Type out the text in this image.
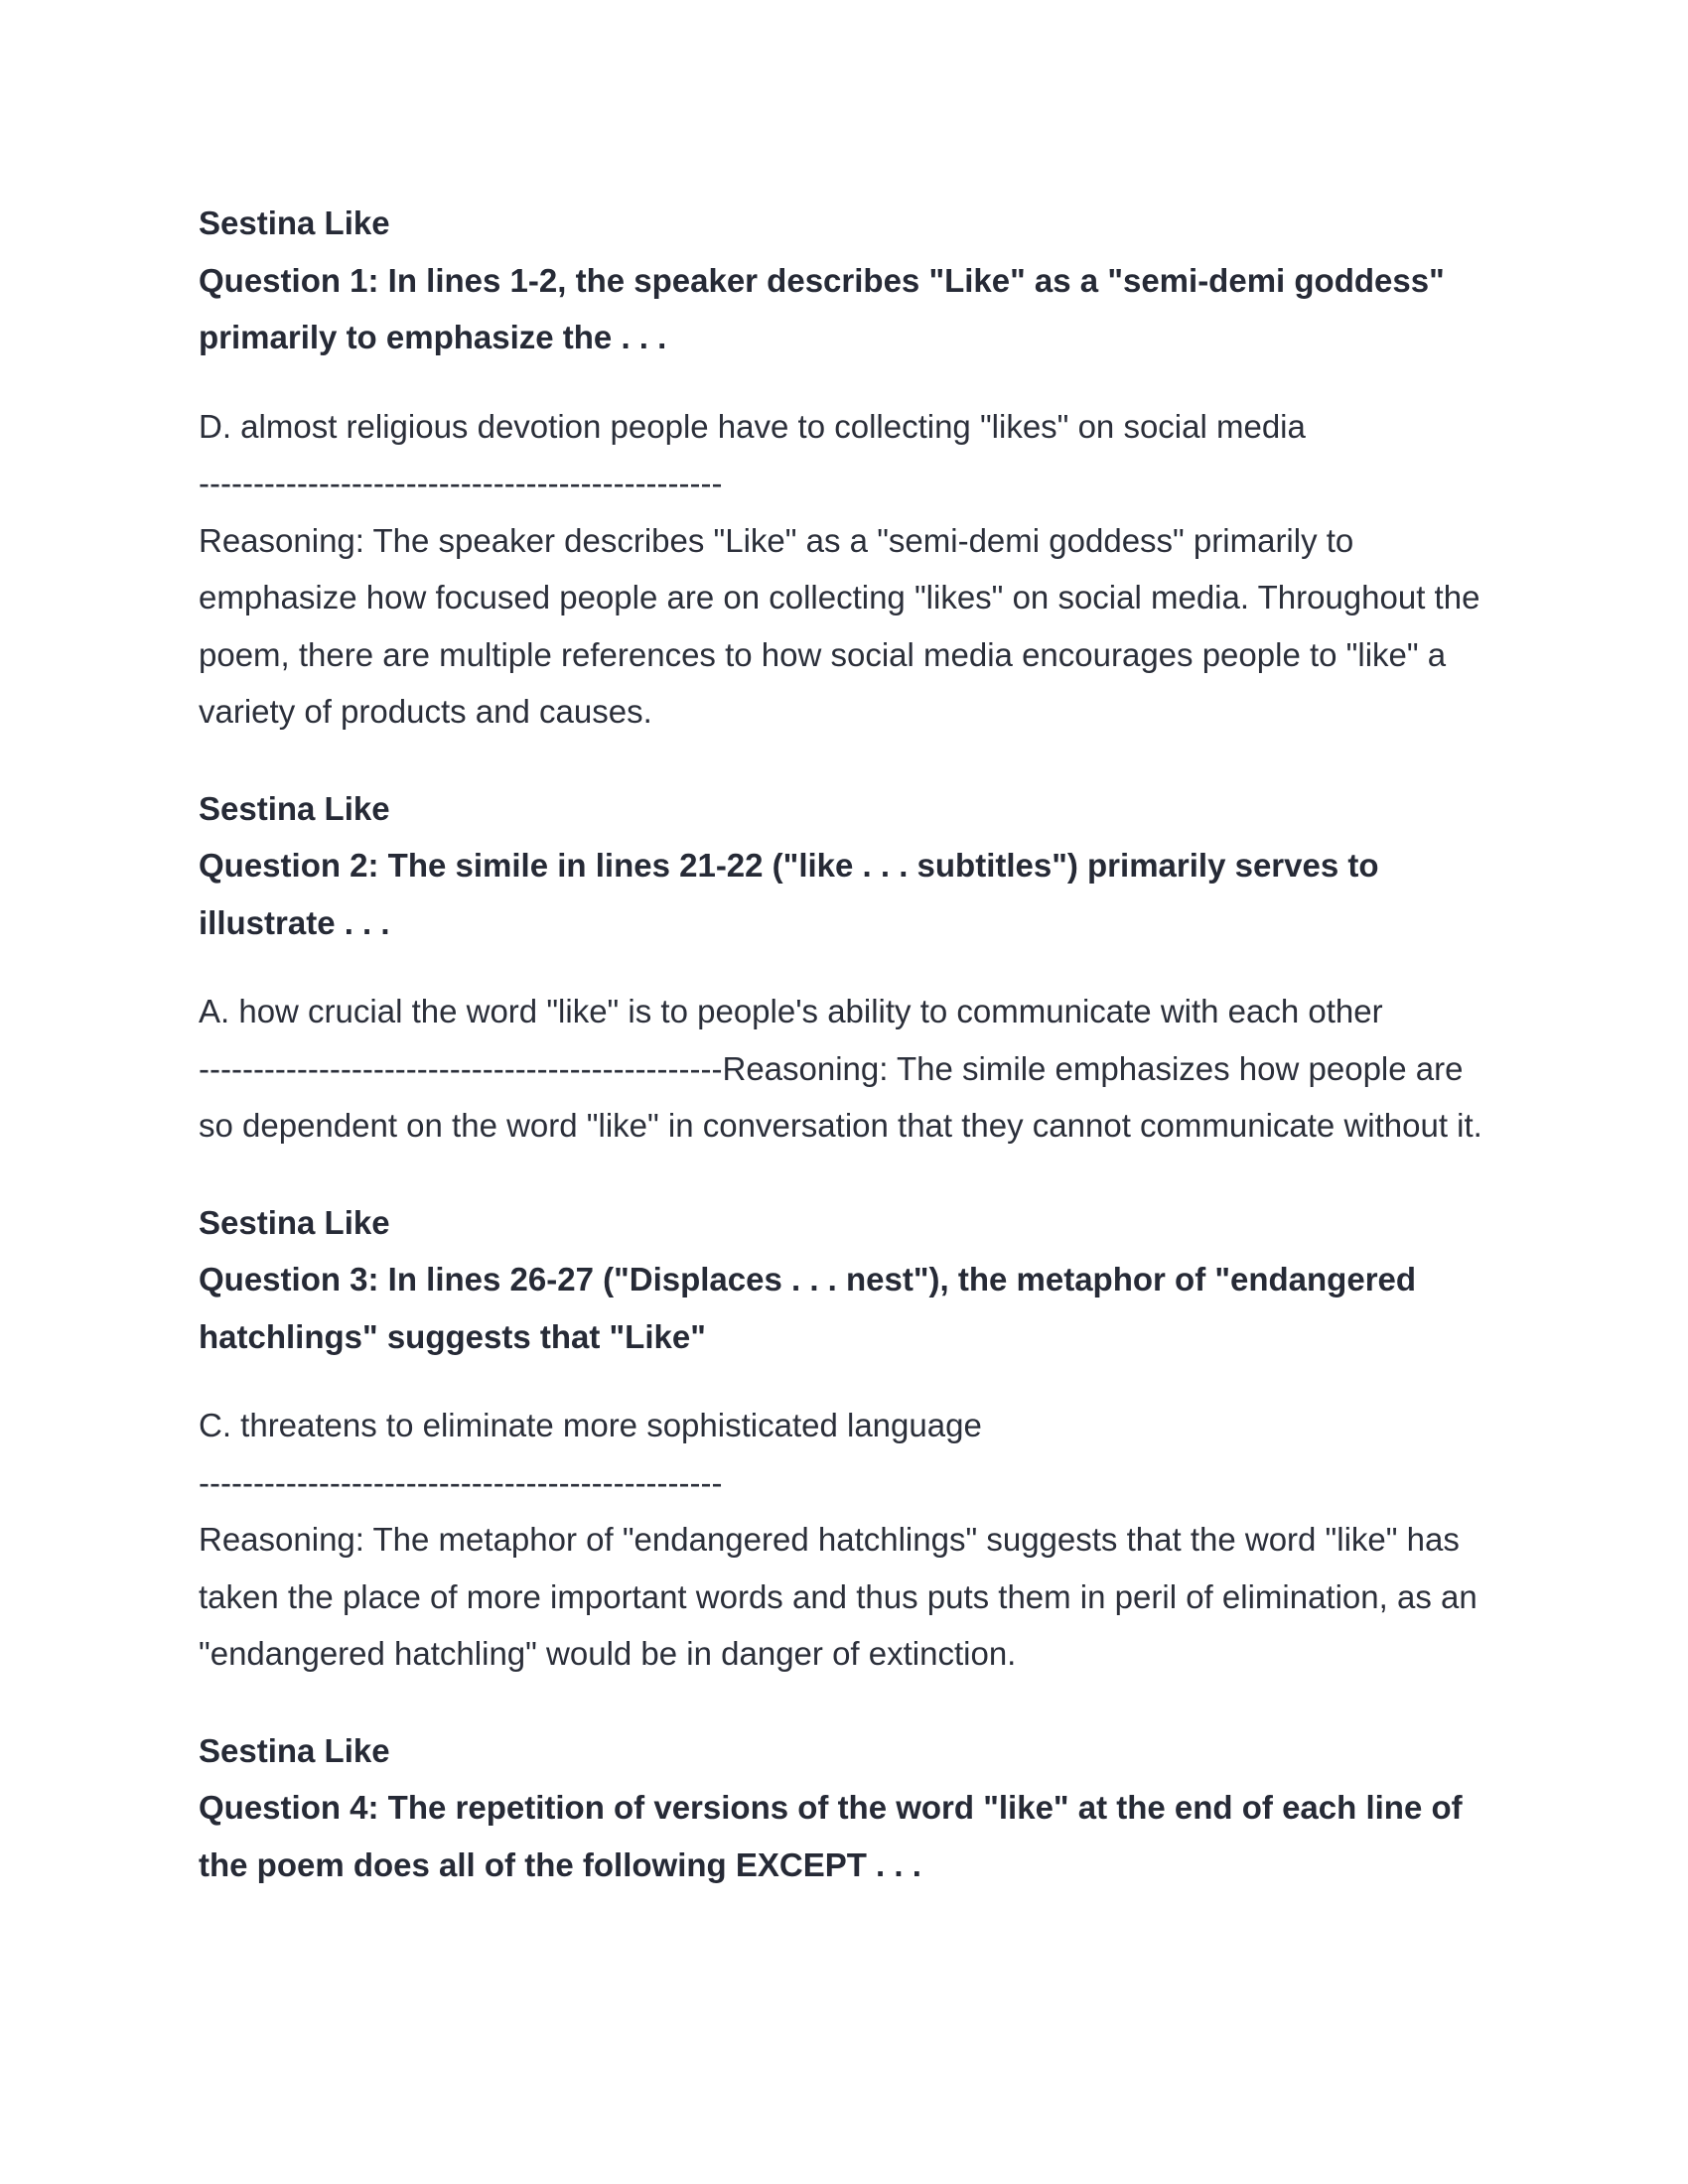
Sestina Like
Question 1: In lines 1-2, the speaker describes "Like" as a "semi-demi goddess" primarily to emphasize the . . .
D. almost religious devotion people have to collecting "likes" on social media
------------------------------------------------
Reasoning: The speaker describes "Like" as a "semi-demi goddess" primarily to emphasize how focused people are on collecting "likes" on social media. Throughout the poem, there are multiple references to how social media encourages people to "like" a variety of products and causes.
Sestina Like
Question 2: The simile in lines 21-22 ("like . . . subtitles") primarily serves to illustrate . . .
A. how crucial the word "like" is to people's ability to communicate with each other
------------------------------------------------Reasoning: The simile emphasizes how people are so dependent on the word "like" in conversation that they cannot communicate without it.
Sestina Like
Question 3: In lines 26-27 ("Displaces . . . nest"), the metaphor of "endangered hatchlings" suggests that "Like"
C. threatens to eliminate more sophisticated language
------------------------------------------------
Reasoning: The metaphor of "endangered hatchlings" suggests that the word "like" has taken the place of more important words and thus puts them in peril of elimination, as an "endangered hatchling" would be in danger of extinction.
Sestina Like
Question 4: The repetition of versions of the word "like" at the end of each line of the poem does all of the following EXCEPT . . .
